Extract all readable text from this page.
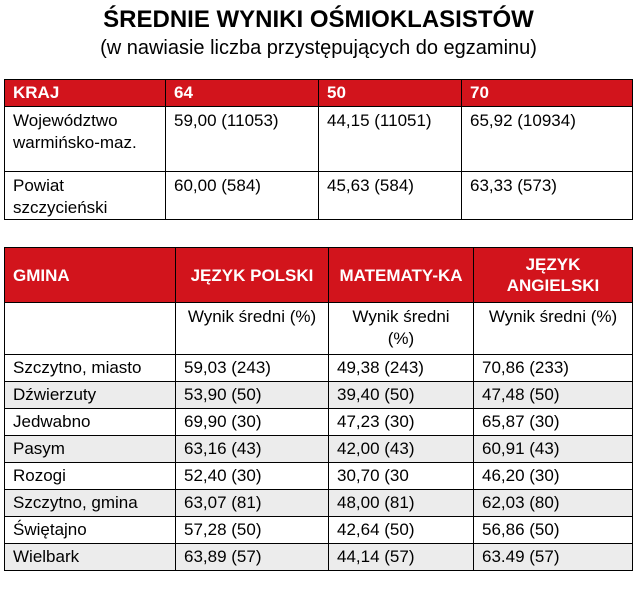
ŚREDNIE WYNIKI OŚMIOKLASISTÓW
(w nawiasie liczba przystępujących do egzaminu)
KRAJ	64	50	70
Województwo warmińsko-maz.	59,00 (11053)	44,15 (11051)	65,92 (10934)
Powiat szczycieński	60,00 (584)	45,63 (584)	63,33 (573)
GMINA	JĘZYK POLSKI	MATEMATY-KA	JĘZYK ANGIELSKI
	Wynik średni (%)	Wynik średni (%)	Wynik średni (%)
Szczytno, miasto	59,03 (243)	49,38 (243)	70,86 (233)
Dźwierzuty	53,90 (50)	39,40 (50)	47,48 (50)
Jedwabno	69,90 (30)	47,23 (30)	65,87 (30)
Pasym	63,16 (43)	42,00 (43)	60,91 (43)
Rozogi	52,40 (30)	30,70 (30	46,20 (30)
Szczytno, gmina	63,07 (81)	48,00 (81)	62,03 (80)
Świętajno	57,28 (50)	42,64 (50)	56,86 (50)
Wielbark	63,89 (57)	44,14 (57)	63.49 (57)
